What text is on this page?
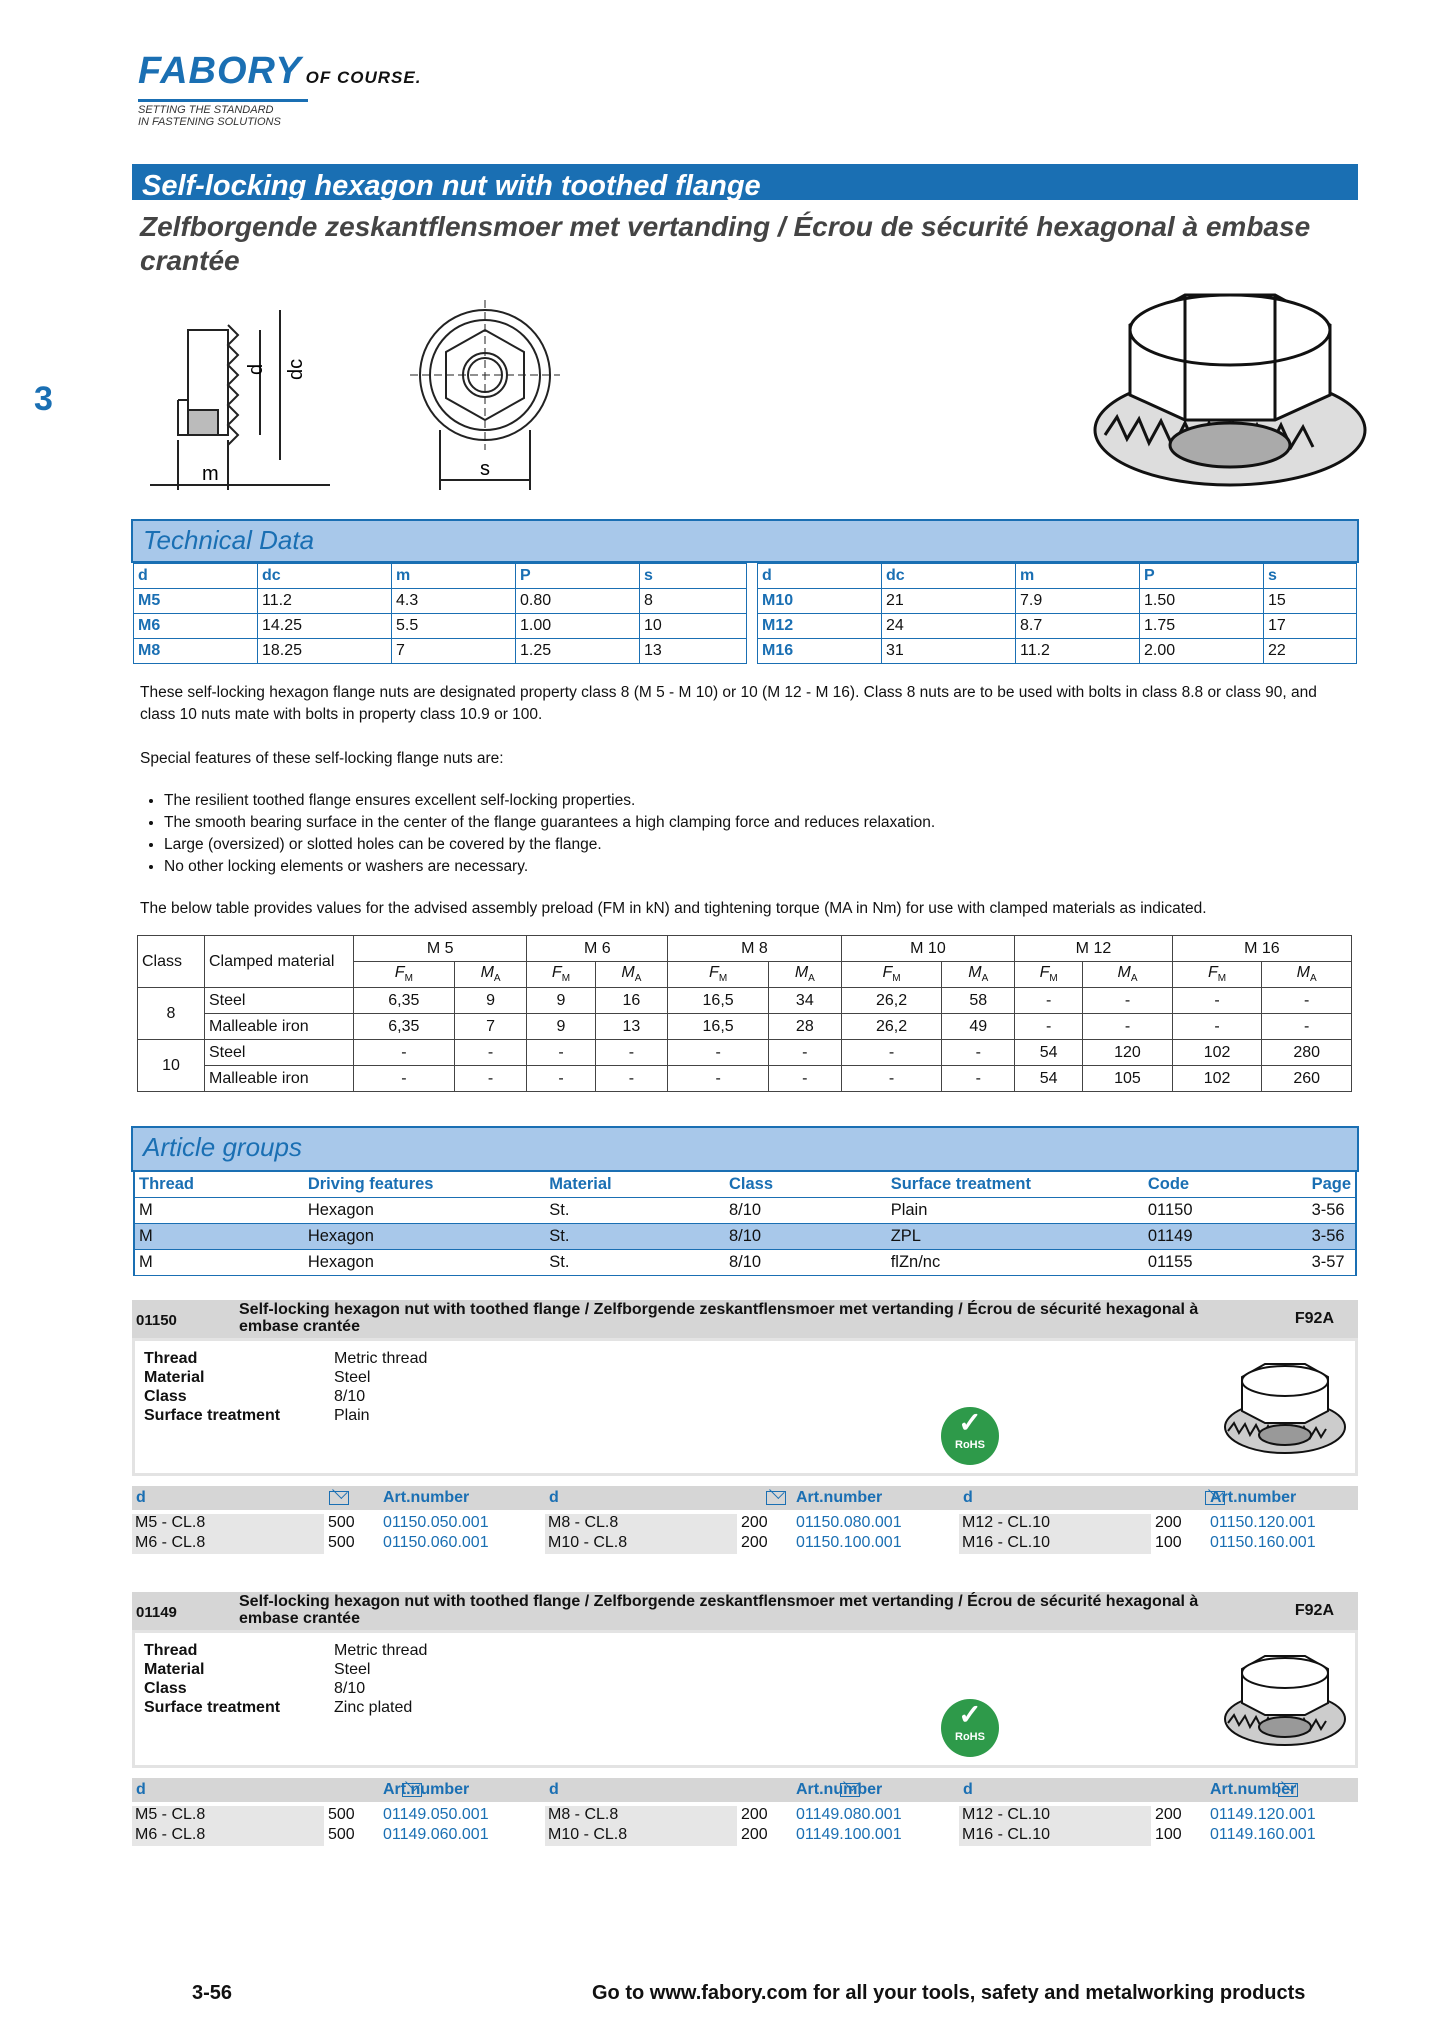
FABORY OF COURSE.
SETTING THE STANDARD
IN FASTENING SOLUTIONS
3
Self-locking hexagon nut with toothed flange
Zelfborgende zeskantflensmoer met vertanding / Écrou de sécurité hexagonal à embase crantée
d dc
m	s
Technical Data
d	dc	m	P	s
M5	11.2	4.3	0.80	8
M6	14.25	5.5	1.00	10
M8	18.25	7	1.25	13
d	dc	m	P	s
M10	21	7.9	1.50	15
M12	24	8.7	1.75	17
M16	31	11.2	2.00	22
These self-locking hexagon flange nuts are designated property class 8 (M 5 - M 10) or 10 (M 12 - M 16). Class 8 nuts are to be used with bolts in class 8.8 or class 90, and class 10 nuts mate with bolts in property class 10.9 or 100.
Special features of these self-locking flange nuts are:
• The resilient toothed flange ensures excellent self-locking properties.
• The smooth bearing surface in the center of the flange guarantees a high clamping force and reduces relaxation.
• Large (oversized) or slotted holes can be covered by the flange.
• No other locking elements or washers are necessary.
The below table provides values for the advised assembly preload (FM in kN) and tightening torque (MA in Nm) for use with clamped materials as indicated.
Class	Clamped material	M 5		M 6		M 8		M 10		M 12		M 16	
		$F_M$	$M_A$	$F_M$	$M_A$	$F_M$	$M_A$	$F_M$	$M_A$	$F_M$	$M_A$	$F_M$	$M_A$
8	Steel	6,35	9	9	16	16,5	34	26,2	58	-	-	-	-
	Malleable iron	6,35	7	9	13	16,5	28	26,2	49	-	-	-	-
10	Steel	-	-	-	-	-	-	-	-	54	120	102	280
	Malleable iron	-	-	-	-	-	-	-	-	54	105	102	260
Article groups
Thread	Driving features	Material	Class	Surface treatment	Code	Page
M	Hexagon	St.	8/10	Plain	01150	3-56
M	Hexagon	St.	8/10	ZPL	01149	3-56
M	Hexagon	St.	8/10	flZn/nc	01155	3-57
01150
Self-locking hexagon nut with toothed flange / Zelfborgende zeskantflensmoer met vertanding / Écrou de sécurité hexagonal à embase crantée	F92A
Thread	Metric thread
Material	Steel
Class	8/10
Surface treatment	Plain	✓
RoHS
d
	Art.number
M5 - CL.8	500 01150.050.001
M6 - CL.8	500 01150.060.001
d
	Art.number
M8 - CL.8	200 01150.080.001
M10 - CL.8	200 01150.100.001
d
	Art.number
M12 - CL.10	200 01150.120.001
M16 - CL.10	100 01150.160.001
01149
Self-locking hexagon nut with toothed flange / Zelfborgende zeskantflensmoer met vertanding / Écrou de sécurité hexagonal à embase crantée	F92A
Thread	Metric thread
Material	Steel
Class	8/10
Surface treatment	Zinc plated	✓
RoHS
d
	Art.number
M5 - CL.8	500 01149.050.001
M6 - CL.8	500 01149.060.001
d
	Art.number
M8 - CL.8	200 01149.080.001
M10 - CL.8	200 01149.100.001
d	Art.number
M12 - CL.10	200 01149.120.001
M16 - CL.10	100 01149.160.001
3-56	Go to www.fabory.com for all your tools, safety and metalworking products
